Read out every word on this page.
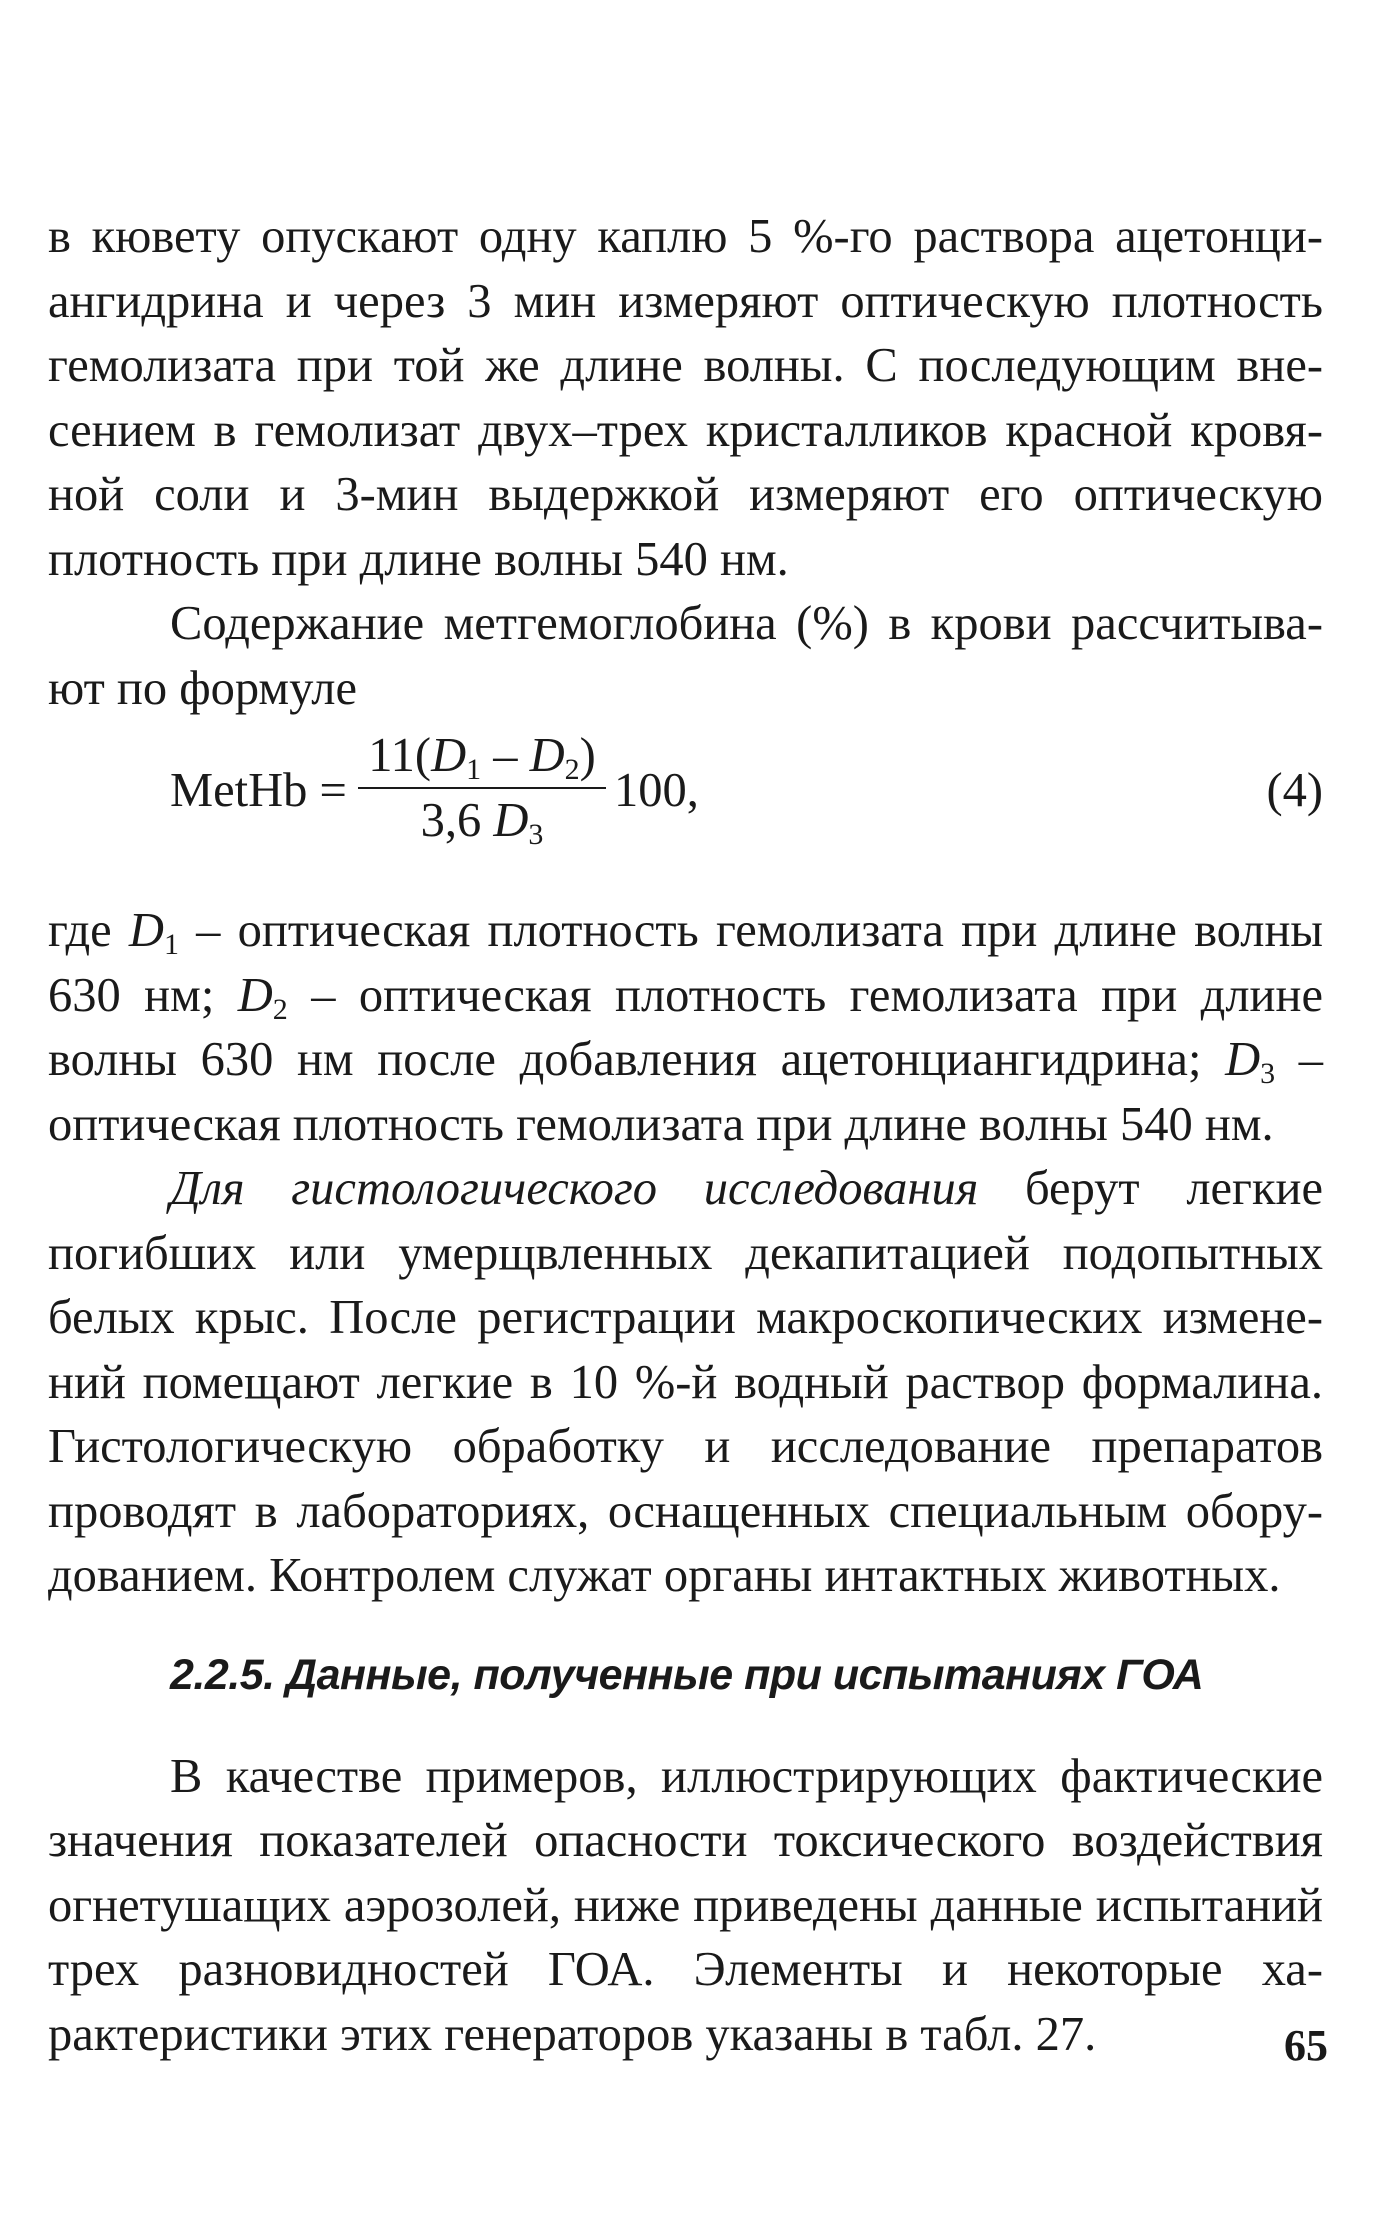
в кювету опускают одну каплю 5 %-го раствора ацетонциангидрина и через 3 мин измеряют оптическую плотность гемолизата при той же длине волны. С последующим внесением в гемолизат двух–трех кристалликов красной кровяной соли и 3-мин выдержкой измеряют его оптическую плотность при длине волны 540 нм.

Содержание метгемоглобина (%) в крови рассчитывают по формуле

MetHb =
$11(D_1 - D_2)$
3,6 $D_3$
100,	(4)

где $D_1$ – оптическая плотность гемолизата при длине волны 630 нм; $D_2$ – оптическая плотность гемолизата при длине волны 630 нм после добавления ацетонциангидрина; $D_3$ – оптическая плотность гемолизата при длине волны 540 нм.

Для гистологического исследования берут легкие погибших или умерщвленных декапитацией подопытных белых крыс. После регистрации макроскопических изменений помещают легкие в 10 %-й водный раствор формалина. Гистологическую обработку и исследование препаратов проводят в лабораториях, оснащенных специальным оборудованием. Контролем служат органы интактных животных.

2.2.5. Данные, полученные при испытаниях ГОА

В качестве примеров, иллюстрирующих фактические значения показателей опасности токсического воздействия огнетушащих аэрозолей, ниже приведены данные испытаний трех разновидностей ГОА. Элементы и некоторые характеристики этих генераторов указаны в табл. 27.	65
